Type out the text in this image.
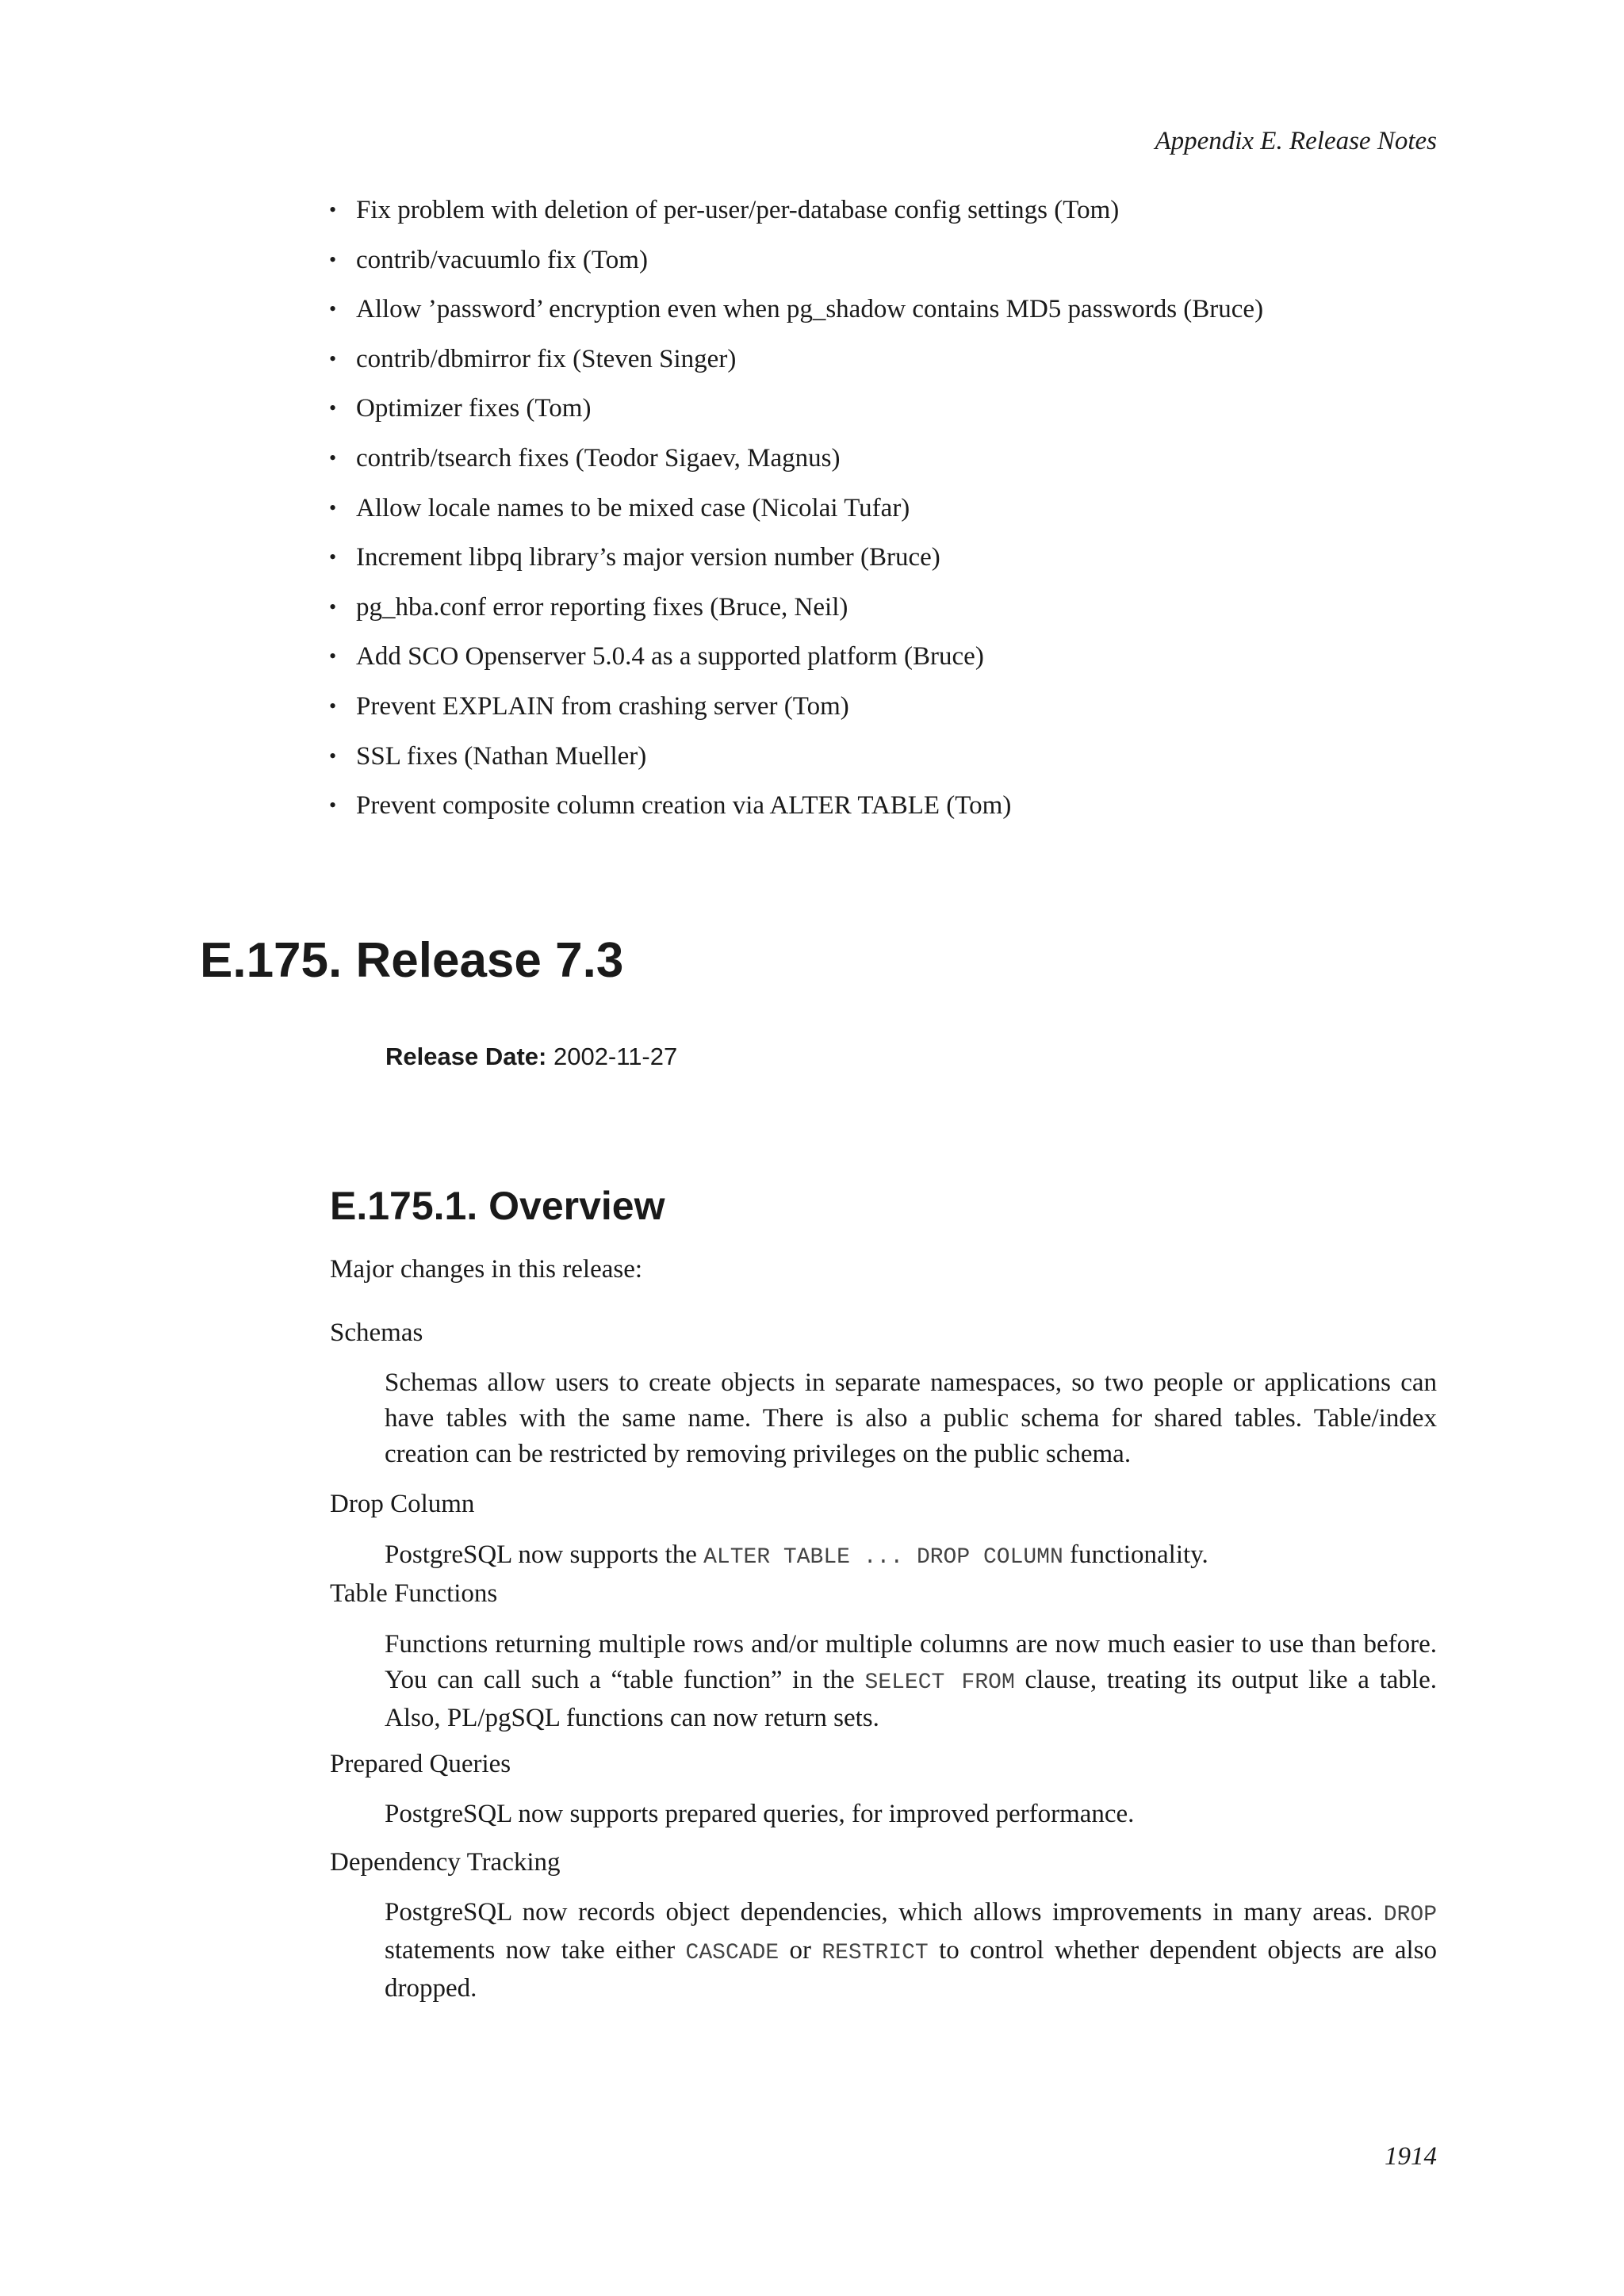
Appendix E. Release Notes
• Fix problem with deletion of per-user/per-database config settings (Tom)
• contrib/vacuumlo fix (Tom)
• Allow ’password’ encryption even when pg_shadow contains MD5 passwords (Bruce)
• contrib/dbmirror fix (Steven Singer)
• Optimizer fixes (Tom)
• contrib/tsearch fixes (Teodor Sigaev, Magnus)
• Allow locale names to be mixed case (Nicolai Tufar)
• Increment libpq library’s major version number (Bruce)
• pg_hba.conf error reporting fixes (Bruce, Neil)
• Add SCO Openserver 5.0.4 as a supported platform (Bruce)
• Prevent EXPLAIN from crashing server (Tom)
• SSL fixes (Nathan Mueller)
• Prevent composite column creation via ALTER TABLE (Tom)
E.175. Release 7.3
Release Date: 2002-11-27
E.175.1. Overview

Major changes in this release:

Schemas

Schemas allow users to create objects in separate namespaces, so two people or applications can have tables with the same name. There is also a public schema for shared tables. Table/index creation can be restricted by removing privileges on the public schema.

Drop Column

PostgreSQL now supports the ALTER TABLE ... DROP COLUMN functionality.

Table Functions

Functions returning multiple rows and/or multiple columns are now much easier to use than before. You can call such a “table function” in the SELECT FROM clause, treating its output like a table. Also, PL/pgSQL functions can now return sets.

Prepared Queries

PostgreSQL now supports prepared queries, for improved performance.

Dependency Tracking

PostgreSQL now records object dependencies, which allows improvements in many areas. DROP statements now take either CASCADE or RESTRICT to control whether dependent objects are also dropped.

1914
